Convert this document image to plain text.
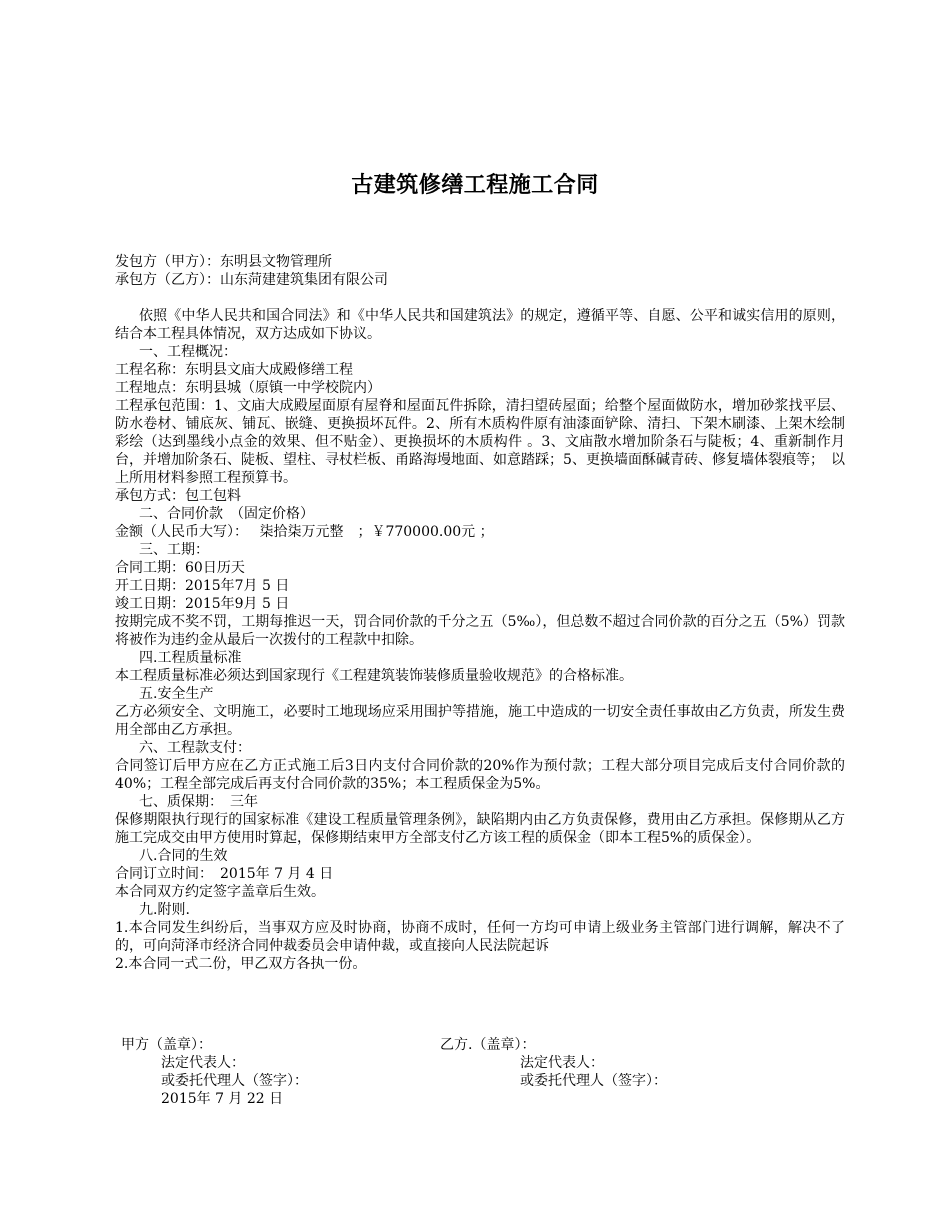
古建筑修缮工程施工合同

发包方（甲方）：东明县文物管理所

承包方（乙方）：山东菏建建筑集团有限公司

依照《中华人民共和国合同法》和《中华人民共和国建筑法》的规定，遵循平等、自愿、公平和诚实信用的原则，结合本工程具体情况，双方达成如下协议。

一、工程概况：

工程名称：东明县文庙大成殿修缮工程

工程地点：东明县城（原镇一中学校院内）

工程承包范围：1、文庙大成殿屋面原有屋脊和屋面瓦件拆除，清扫望砖屋面；给整个屋面做防水，增加砂浆找平层、防水卷材、铺底灰、铺瓦、嵌缝、更换损坏瓦件。2、所有木质构件原有油漆面铲除、清扫、下架木刷漆、上架木绘制彩绘（达到墨线小点金的效果、但不贴金）、更换损坏的木质构件 。3、文庙散水增加阶条石与陡板；4、重新制作月台，并增加阶条石、陡板、望柱、寻杖栏板、甬路海墁地面、如意踏踩；5、更换墙面酥碱青砖、修复墙体裂痕等；　以上所用材料参照工程预算书。

承包方式：包工包料

二、合同价款　（固定价格）

金额（人民币大写）：　 柒拾柒万元整　；￥770000.00元 ；

三、工期：

合同工期：60日历天

开工日期：2015年7月 5 日

竣工日期：2015年9月 5 日

按期完成不奖不罚，工期每推迟一天，罚合同价款的千分之五（5‰），但总数不超过合同价款的百分之五（5%）罚款将被作为违约金从最后一次拨付的工程款中扣除。

四.工程质量标准

本工程质量标准必须达到国家现行《工程建筑装饰装修质量验收规范》的合格标准。

五.安全生产

乙方必须安全、文明施工，必要时工地现场应采用围护等措施，施工中造成的一切安全责任事故由乙方负责，所发生费用全部由乙方承担。

六、工程款支付：

合同签订后甲方应在乙方正式施工后3日内支付合同价款的20%作为预付款；工程大部分项目完成后支付合同价款的40%；工程全部完成后再支付合同价款的35%；本工程质保金为5%。

七、质保期：　三年

保修期限执行现行的国家标准《建设工程质量管理条例》，缺陷期内由乙方负责保修，费用由乙方承担。保修期从乙方施工完成交由甲方使用时算起，保修期结束甲方全部支付乙方该工程的质保金（即本工程5%的质保金）。

八.合同的生效

合同订立时间：　2015年 7 月 4 日

本合同双方约定签字盖章后生效。

九.附则.

1.本合同发生纠纷后，当事双方应及时协商，协商不成时，任何一方均可申请上级业务主管部门进行调解，解决不了的，可向菏泽市经济合同仲裁委员会申请仲裁，或直接向人民法院起诉

2.本合同一式二份，甲乙双方各执一份。

甲方（盖章）：

法定代表人：

或委托代理人（签字）：

2015年 7 月 22 日

乙方.（盖章）：

法定代表人：

或委托代理人（签字）：
